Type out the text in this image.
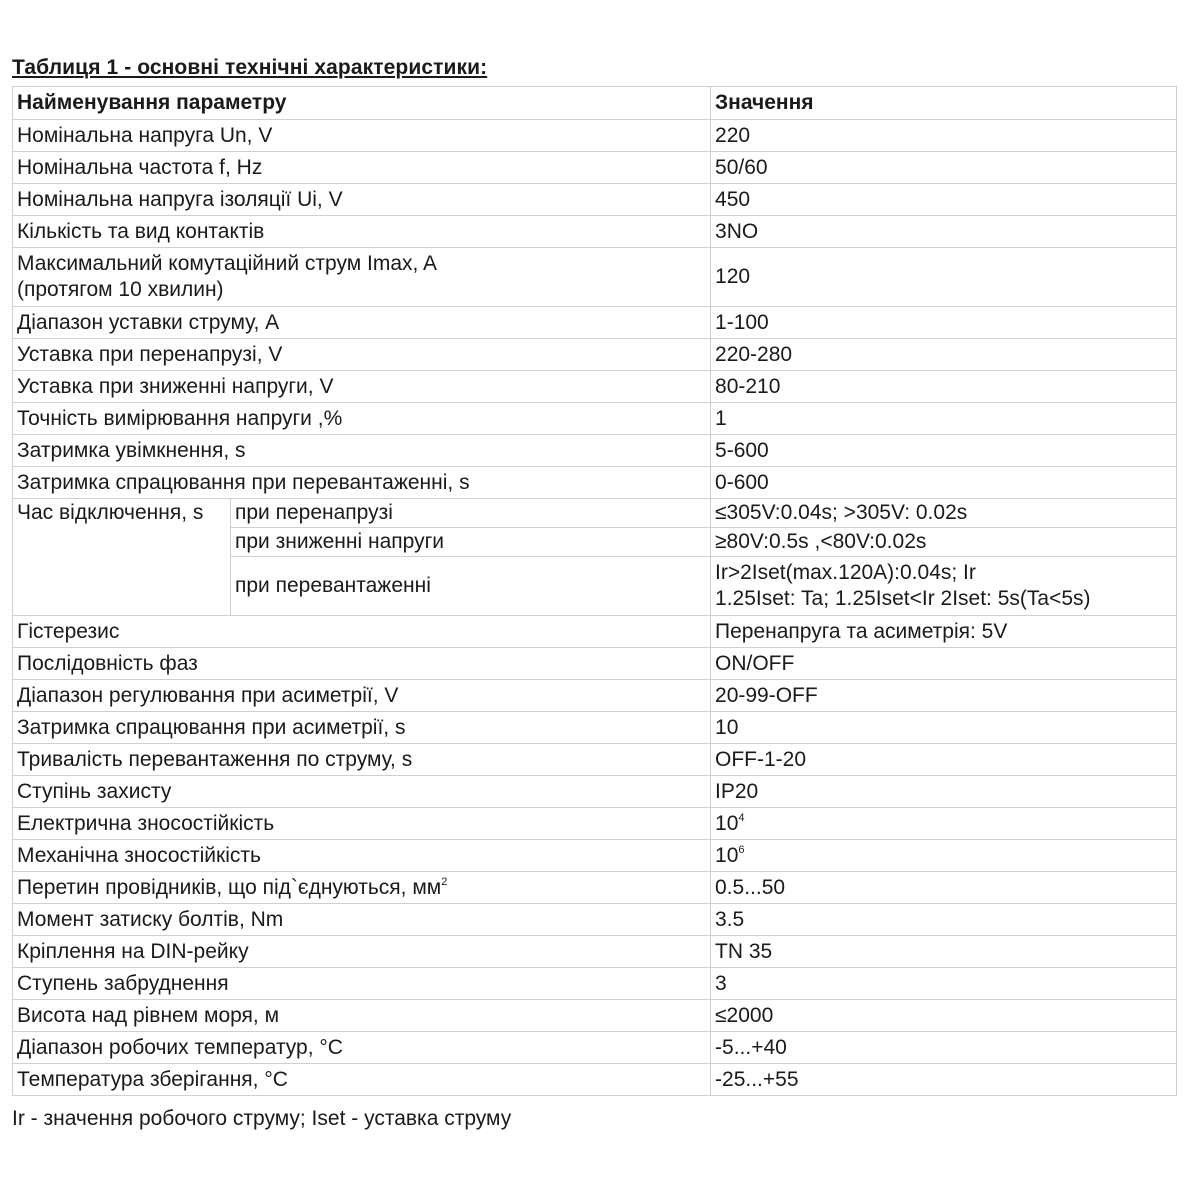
Таблиця 1 - основні технічні характеристики:
Найменування параметру		Значення
Номінальна напруга Un, V		220
Номінальна частота f, Hz		50/60
Номінальна напруга ізоляції Ui, V		450
Кількість та вид контактів		3NO

Максимальний комутаційний струм Imax, A
(протягом 10 хвилин)		120
Діапазон уставки струму, A		1-100
Уставка при перенапрузі, V		220-280
Уставка при зниженні напруги, V		80-210
Точність вимірювання напруги ,%		1
Затримка увімкнення, s		5-600
Затримка спрацювання при перевантаженні, s		0-600
Час відключення, s	при перенапрузі	≤305V:0.04s; >305V: 0.02s
	при зниженні напруги	≥80V:0.5s ,<80V:0.02s
	при перевантаженні	Ir>2Iset(max.120A):0.04s; Ir
1.25Iset: Ta; 1.25Iset<Ir 2Iset: 5s(Ta<5s)

Гістерезис		Перенапруга та асиметрія: 5V
Послідовність фаз		ON/OFF
Діапазон регулювання при асиметрії, V		20-99-OFF
Затримка спрацювання при асиметрії, s		10
Тривалість перевантаження по струму, s		OFF-1-20
Ступінь захисту		IP20
Електрична зносостійкість		$10^4$
Механічна зносостійкість		$10^6$
Перетин провідників, що під`єднуються, $мм^2$		0.5...50
Момент затиску болтів, Nm		3.5
Кріплення на DIN-рейку		TN 35
Ступень забруднення		3
Висота над рівнем моря, м		≤2000
Діапазон робочих температур, °C		-5...+40
Температура зберігання, °C		-25...+55
Ir - значення робочого струму; Iset - уставка струму
